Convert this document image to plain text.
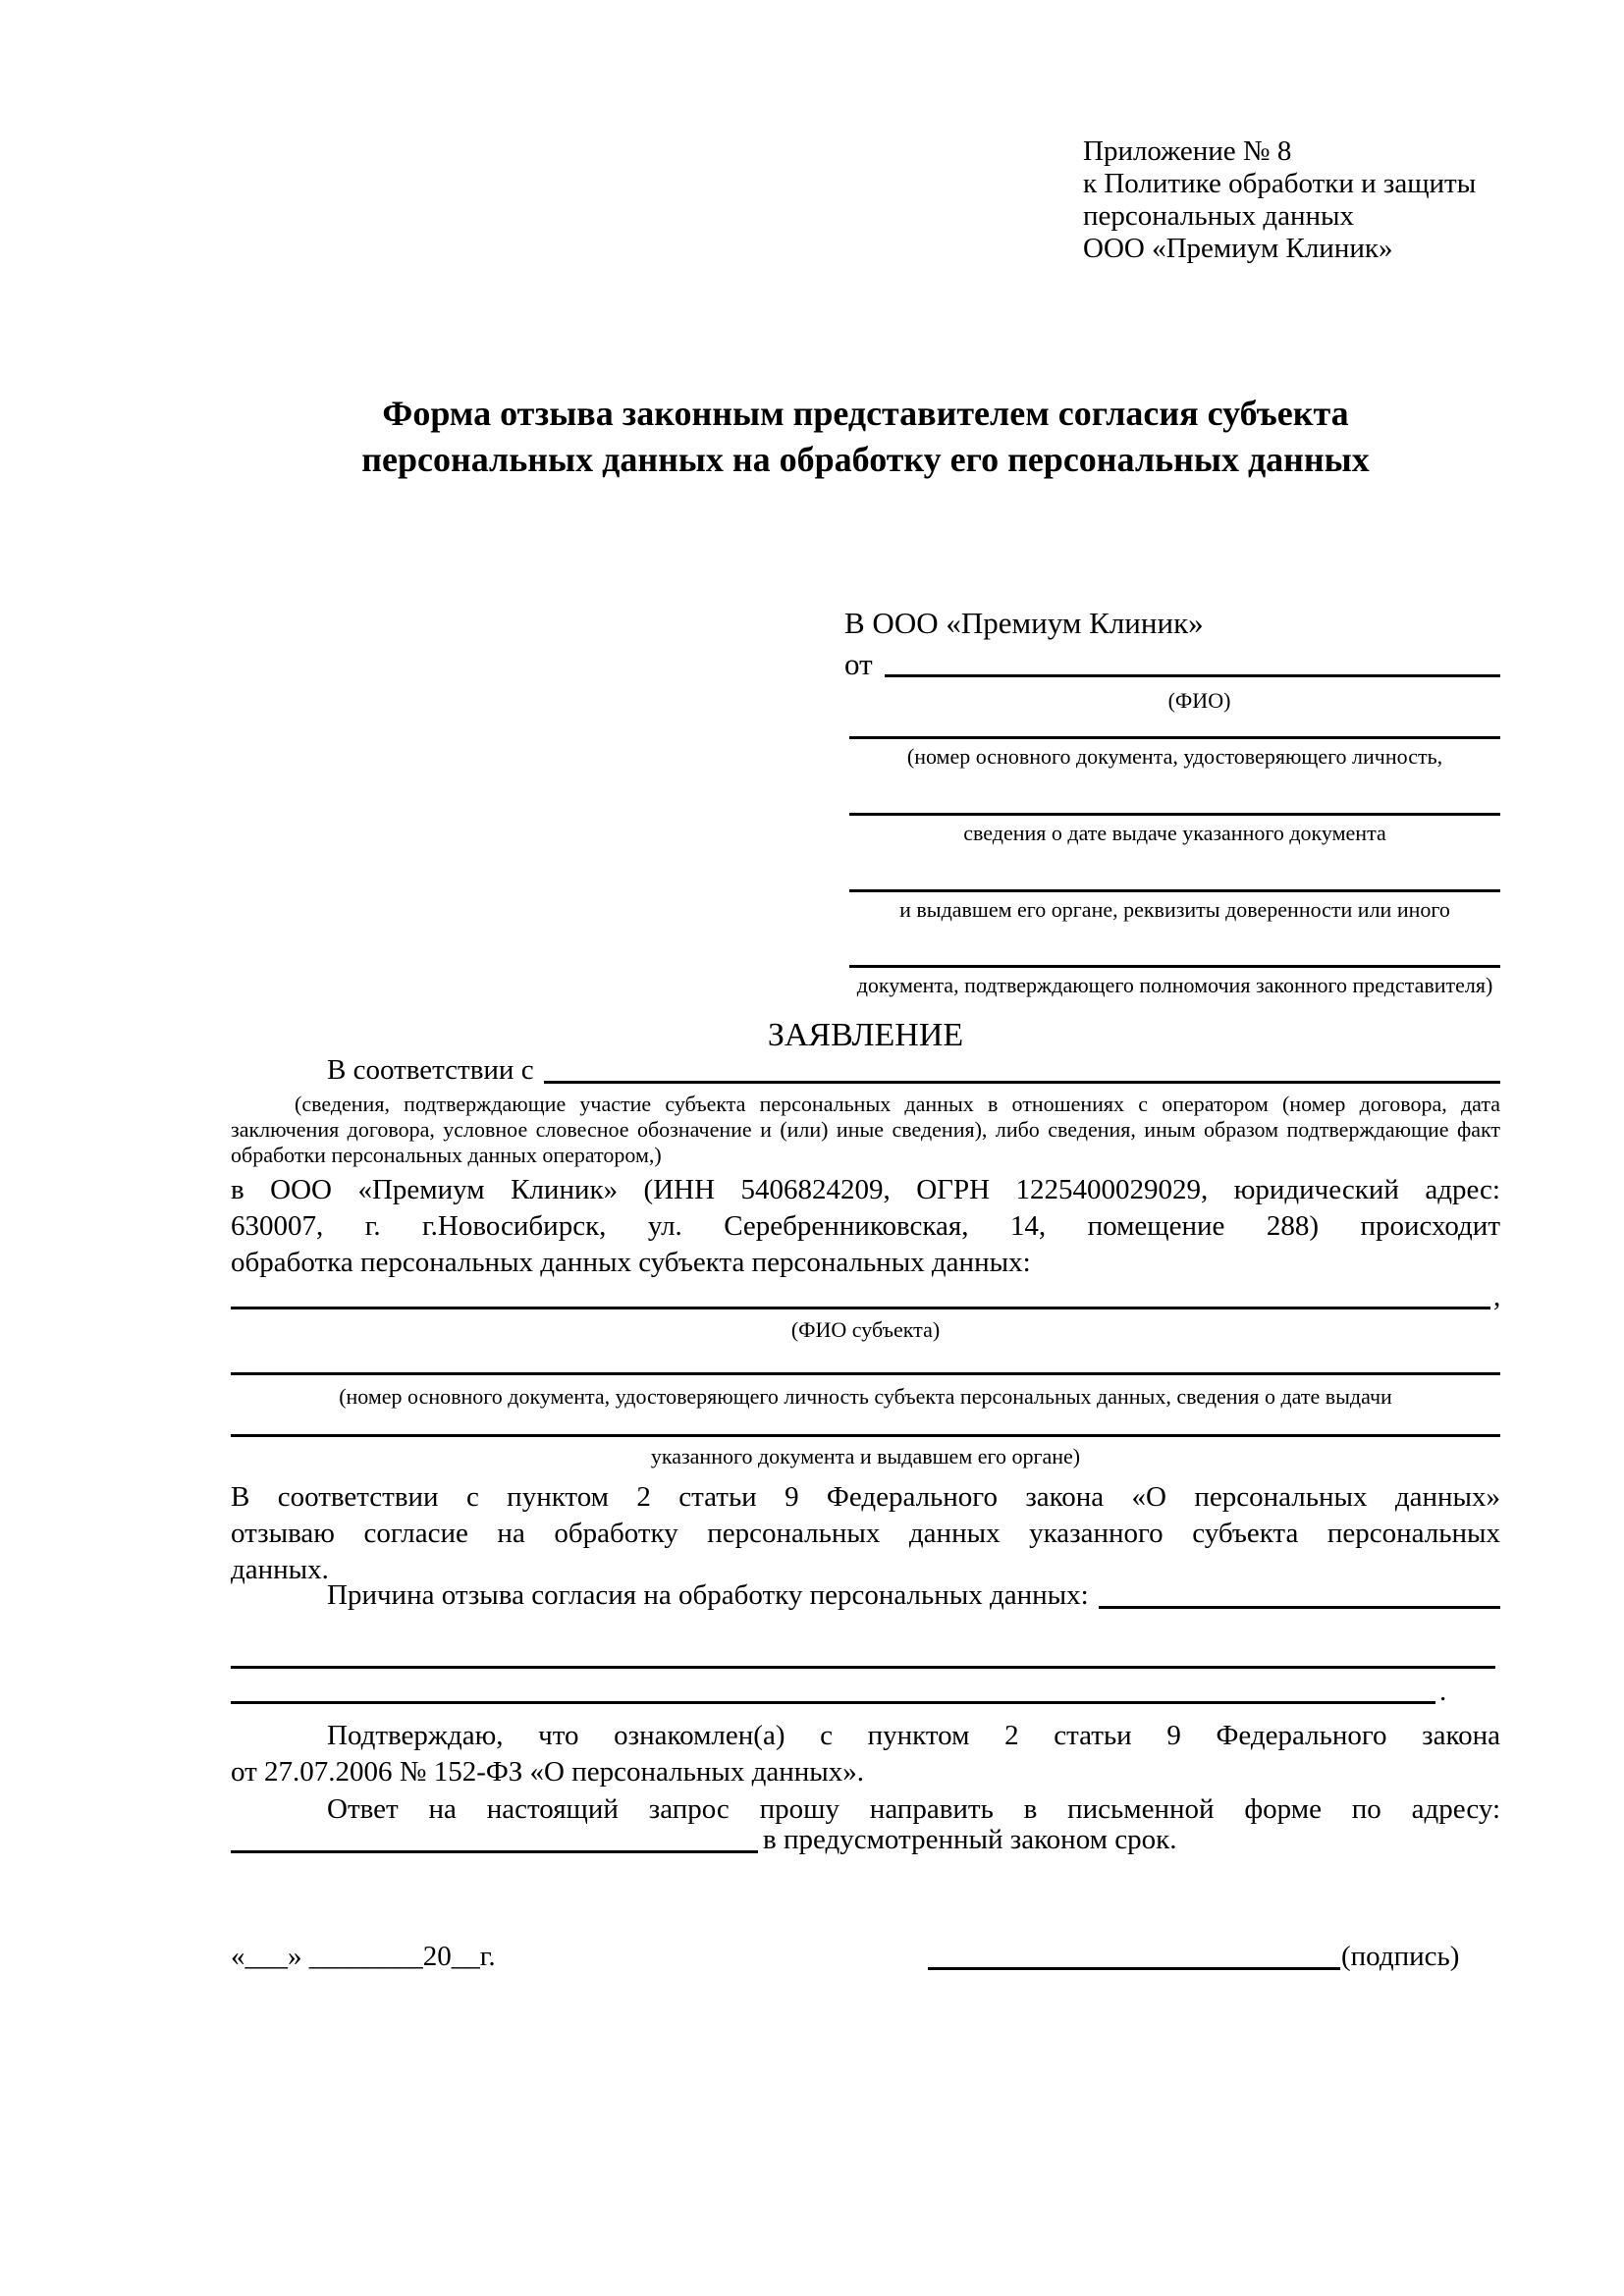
Приложение № 8
к Политике обработки и защиты
персональных данных
ООО «Премиум Клиник»
Форма отзыва законным представителем согласия субъекта
персональных данных на обработку его персональных данных
В ООО «Премиум Клиник»
от
(ФИО)
(номер основного документа, удостоверяющего личность,
сведения о дате выдаче указанного документа
и выдавшем его органе, реквизиты доверенности или иного
документа, подтверждающего полномочия законного представителя)
ЗАЯВЛЕНИЕ
В соответствии с
(сведения, подтверждающие участие субъекта персональных данных в отношениях с оператором (номер договора, дата
заключения договора, условное словесное обозначение и (или) иные сведения), либо сведения, иным образом подтверждающие факт
обработки персональных данных оператором,)
в ООО «Премиум Клиник» (ИНН 5406824209, ОГРН 1225400029029, юридический адрес:
630007, г. г.Новосибирск, ул. Серебренниковская, 14, помещение 288) происходит
обработка персональных данных субъекта персональных данных:
,
(ФИО субъекта)
(номер основного документа, удостоверяющего личность субъекта персональных данных, сведения о дате выдачи
указанного документа и выдавшем его органе)
В соответствии с пунктом 2 статьи 9 Федерального закона «О персональных данных»
отзываю согласие на обработку персональных данных указанного субъекта персональных
данных.
Причина отзыва согласия на обработку персональных данных:
.
Подтверждаю, что ознакомлен(а) с пунктом 2 статьи 9 Федерального закона
от 27.07.2006 № 152-ФЗ «О персональных данных».
Ответ на настоящий запрос прошу направить в письменной форме по адресу:
в предусмотренный законом срок.
«___» ________20__г.	(подпись)
